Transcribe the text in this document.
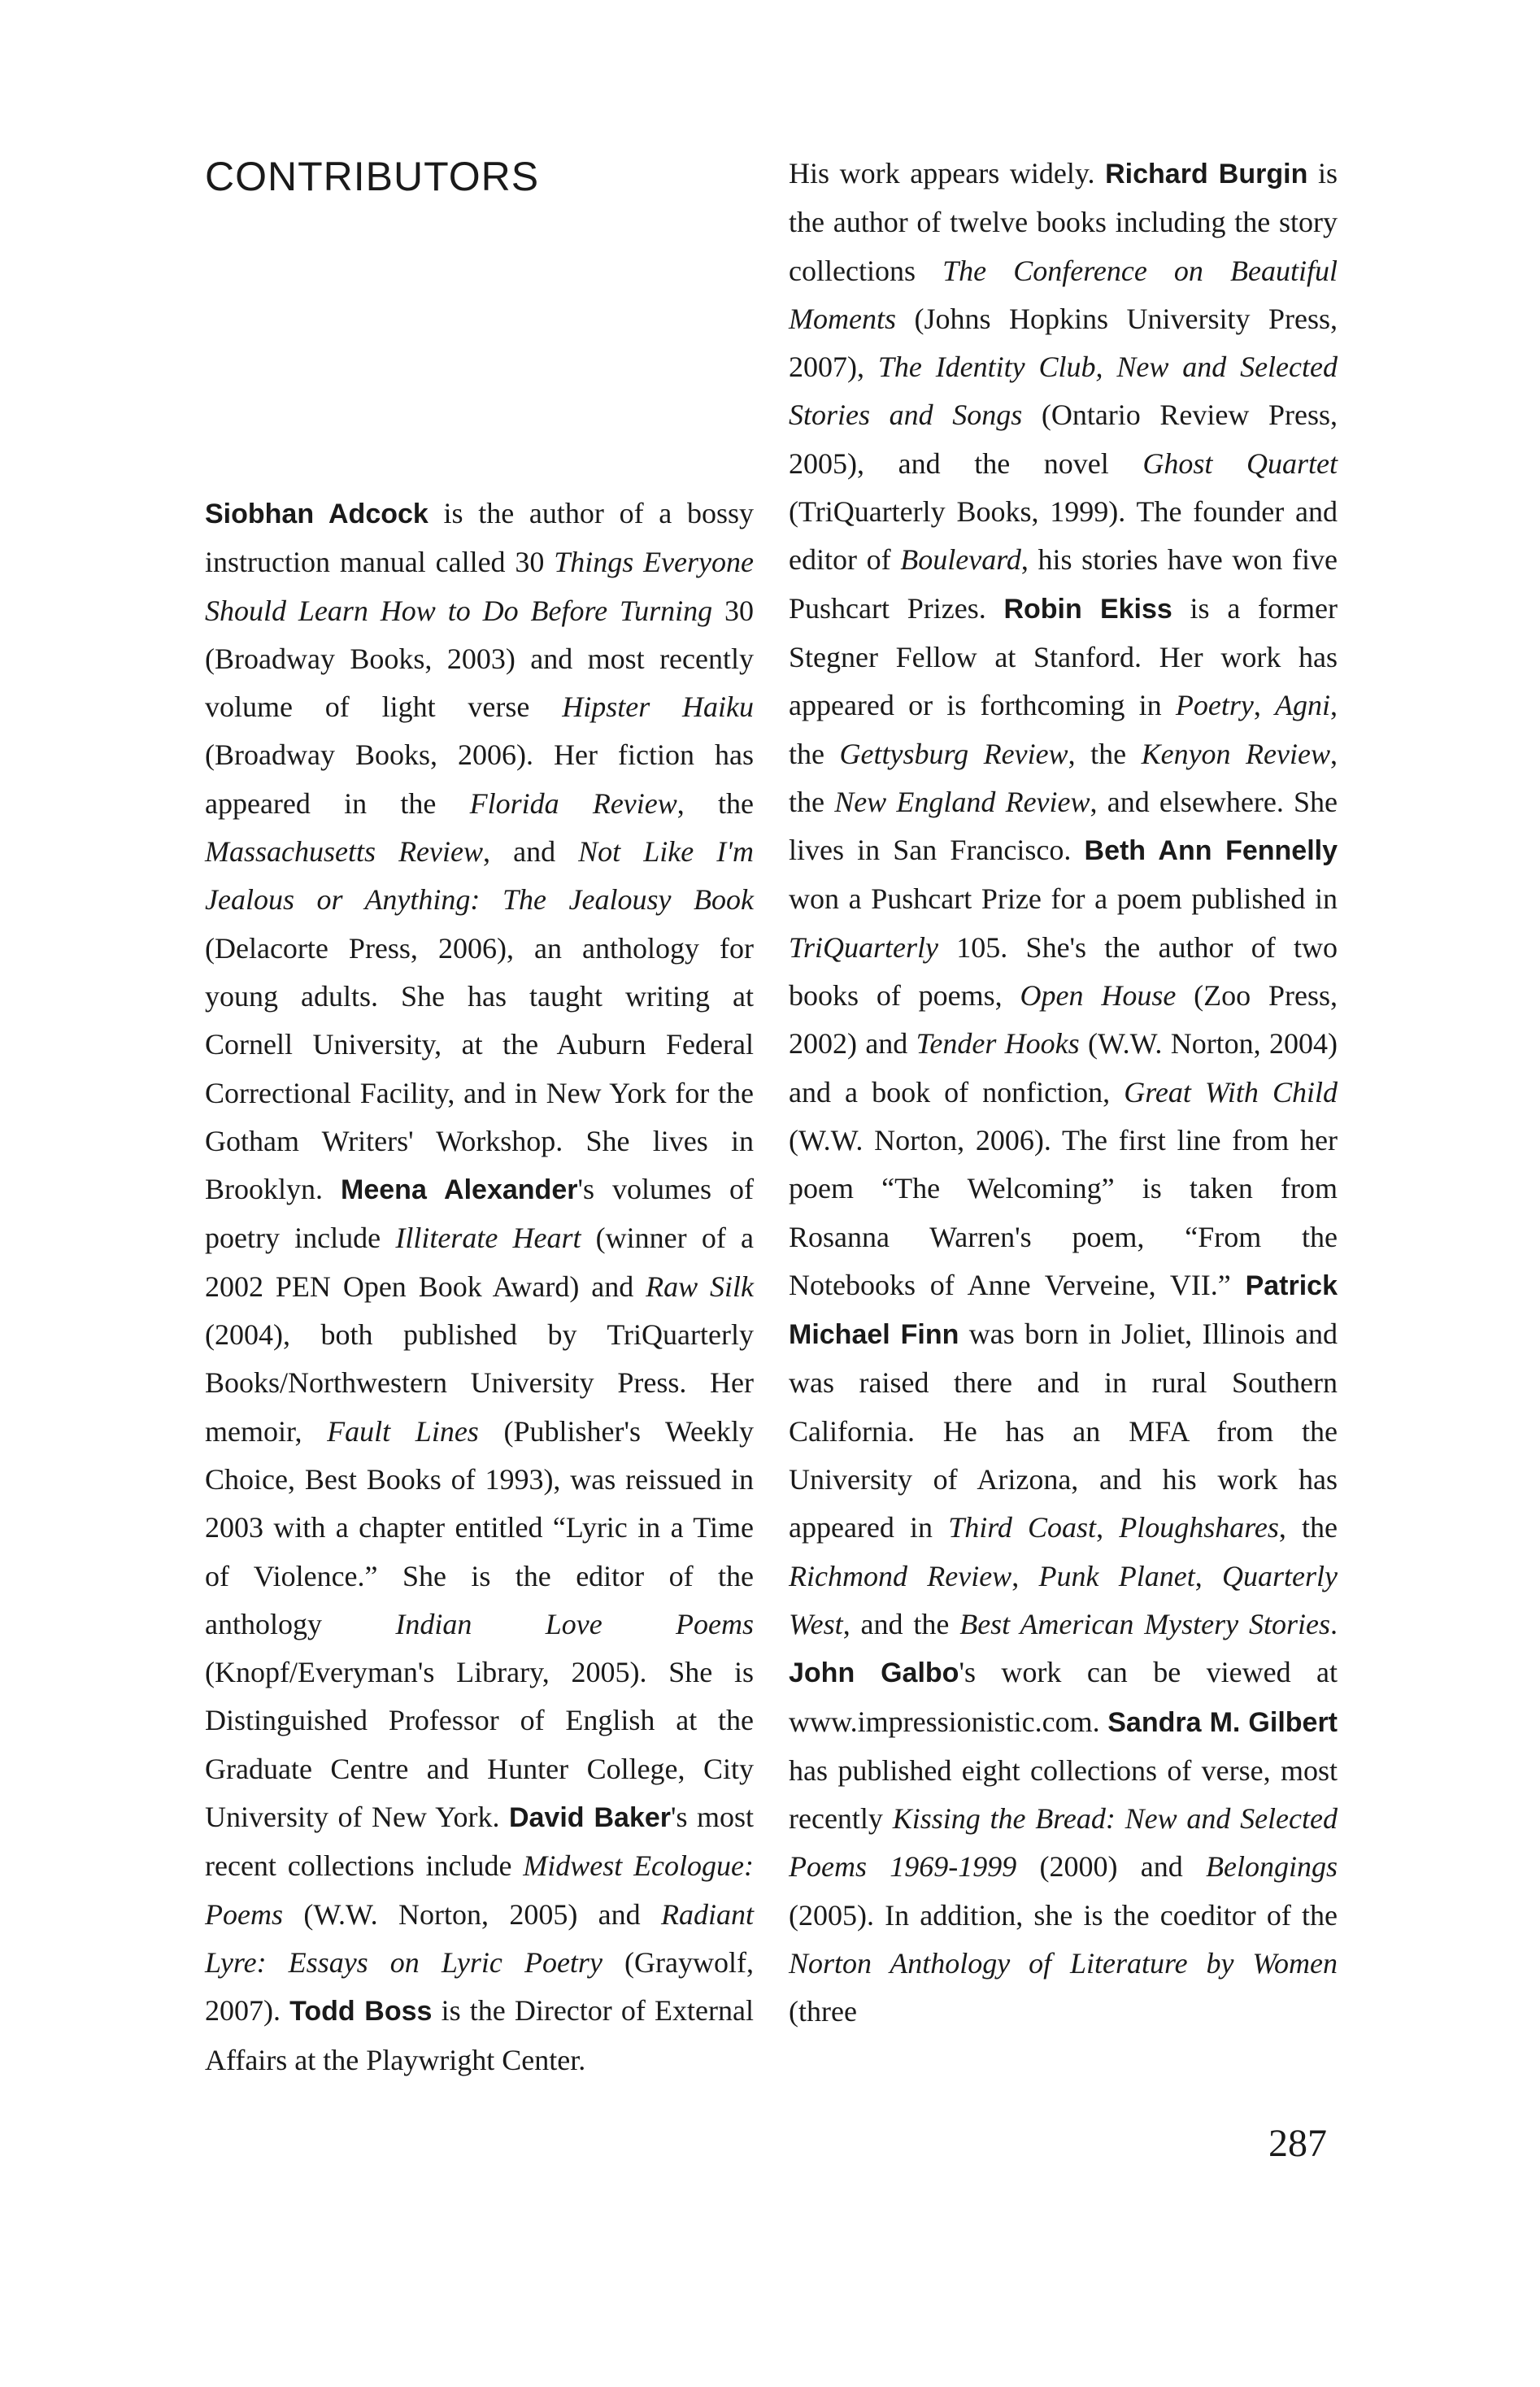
CONTRIBUTORS

Siobhan Adcock is the author of a bossy instruction manual called 30 Things Everyone Should Learn How to Do Before Turning 30 (Broadway Books, 2003) and most recently volume of light verse Hipster Haiku (Broadway Books, 2006). Her fiction has appeared in the Florida Review, the Massachusetts Review, and Not Like I'm Jealous or Anything: The Jealousy Book (Delacorte Press, 2006), an anthology for young adults. She has taught writing at Cornell University, at the Auburn Federal Correctional Facility, and in New York for the Gotham Writers' Workshop. She lives in Brooklyn. Meena Alexander's volumes of poetry include Illiterate Heart (winner of a 2002 PEN Open Book Award) and Raw Silk (2004), both published by TriQuarterly Books/Northwestern University Press. Her memoir, Fault Lines (Publisher's Weekly Choice, Best Books of 1993), was reissued in 2003 with a chapter entitled “Lyric in a Time of Violence.” She is the editor of the anthology Indian Love Poems (Knopf/Everyman's Library, 2005). She is Distinguished Professor of English at the Graduate Centre and Hunter College, City University of New York. David Baker's most recent collections include Midwest Ecologue: Poems (W.W. Norton, 2005) and Radiant Lyre: Essays on Lyric Poetry (Graywolf, 2007). Todd Boss is the Director of External Affairs at the Playwright Center.

His work appears widely. Richard Burgin is the author of twelve books including the story collections The Conference on Beautiful Moments (Johns Hopkins University Press, 2007), The Identity Club, New and Selected Stories and Songs (Ontario Review Press, 2005), and the novel Ghost Quartet (TriQuarterly Books, 1999). The founder and editor of Boulevard, his stories have won five Pushcart Prizes. Robin Ekiss is a former Stegner Fellow at Stanford. Her work has appeared or is forthcoming in Poetry, Agni, the Gettysburg Review, the Kenyon Review, the New England Review, and elsewhere. She lives in San Francisco. Beth Ann Fennelly won a Pushcart Prize for a poem published in TriQuarterly 105. She's the author of two books of poems, Open House (Zoo Press, 2002) and Tender Hooks (W.W. Norton, 2004) and a book of nonfiction, Great With Child (W.W. Norton, 2006). The first line from her poem “The Welcoming” is taken from Rosanna Warren's poem, “From the Notebooks of Anne Verveine, VII.” Patrick Michael Finn was born in Joliet, Illinois and was raised there and in rural Southern California. He has an MFA from the University of Arizona, and his work has appeared in Third Coast, Ploughshares, the Richmond Review, Punk Planet, Quarterly West, and the Best American Mystery Stories. John Galbo's work can be viewed at www.impressionistic.com. Sandra M. Gilbert has published eight collections of verse, most recently Kissing the Bread: New and Selected Poems 1969-1999 (2000) and Belongings (2005). In addition, she is the coeditor of the Norton Anthology of Literature by Women (three

287
